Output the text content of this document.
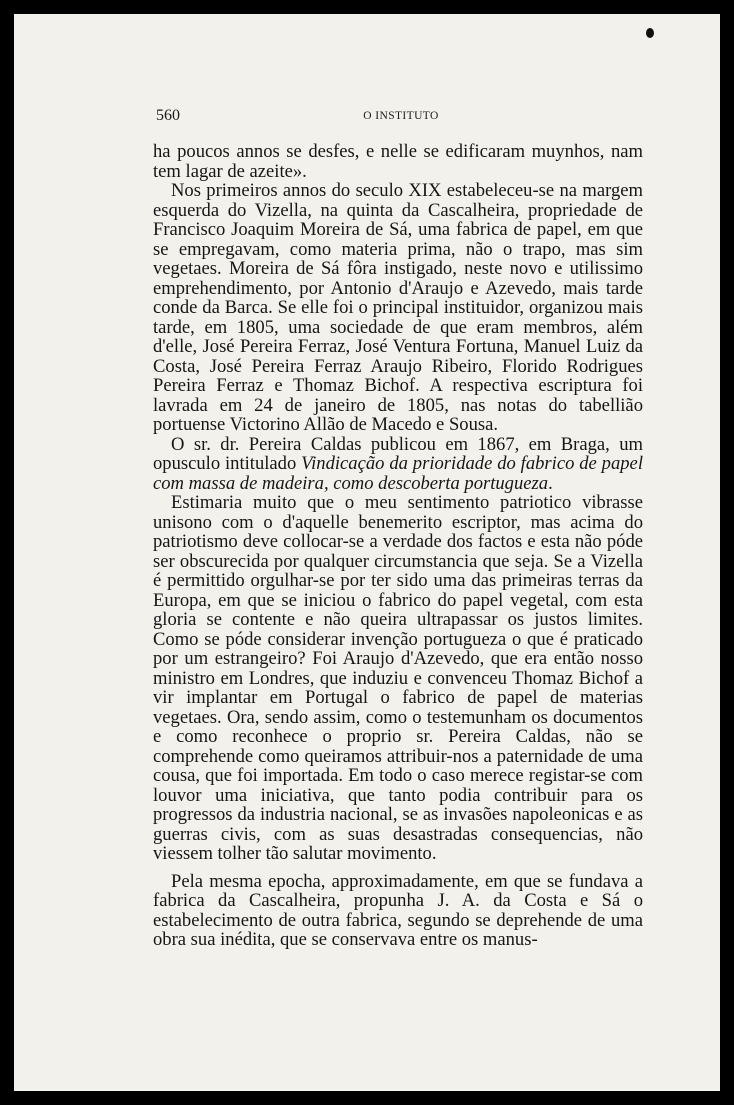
560	O INSTITUTO

ha poucos annos se desfes, e nelle se edificaram muynhos, nam tem lagar de azeite».

Nos primeiros annos do seculo XIX estabeleceu-se na margem esquerda do Vizella, na quinta da Cascalheira, propriedade de Francisco Joaquim Moreira de Sá, uma fabrica de papel, em que se empregavam, como materia prima, não o trapo, mas sim vegetaes. Moreira de Sá fôra instigado, neste novo e utilissimo emprehendimento, por Antonio d'Araujo e Azevedo, mais tarde conde da Barca. Se elle foi o principal instituidor, organizou mais tarde, em 1805, uma sociedade de que eram membros, além d'elle, José Pereira Ferraz, José Ventura Fortuna, Manuel Luiz da Costa, José Pereira Ferraz Araujo Ribeiro, Florido Rodrigues Pereira Ferraz e Thomaz Bichof. A respectiva escriptura foi lavrada em 24 de janeiro de 1805, nas notas do tabellião portuense Victorino Allão de Macedo e Sousa.

O sr. dr. Pereira Caldas publicou em 1867, em Braga, um opusculo intitulado Vindicação da prioridade do fabrico de papel com massa de madeira, como descoberta portugueza.

Estimaria muito que o meu sentimento patriotico vibrasse unisono com o d'aquelle benemerito escriptor, mas acima do patriotismo deve collocar-se a verdade dos factos e esta não póde ser obscurecida por qualquer circumstancia que seja. Se a Vizella é permittido orgulhar-se por ter sido uma das primeiras terras da Europa, em que se iniciou o fabrico do papel vegetal, com esta gloria se contente e não queira ultrapassar os justos limites. Como se póde considerar invenção portugueza o que é praticado por um estrangeiro? Foi Araujo d'Azevedo, que era então nosso ministro em Londres, que induziu e convenceu Thomaz Bichof a vir implantar em Portugal o fabrico de papel de materias vegetaes. Ora, sendo assim, como o testemunham os documentos e como reconhece o proprio sr. Pereira Caldas, não se comprehende como queiramos attribuir-nos a paternidade de uma cousa, que foi importada. Em todo o caso merece registar-se com louvor uma iniciativa, que tanto podia contribuir para os progressos da industria nacional, se as invasões napoleonicas e as guerras civis, com as suas desastradas consequencias, não viessem tolher tão salutar movimento.

Pela mesma epocha, approximadamente, em que se fundava a fabrica da Cascalheira, propunha J. A. da Costa e Sá o estabelecimento de outra fabrica, segundo se deprehende de uma obra sua inédita, que se conservava entre os manus-
